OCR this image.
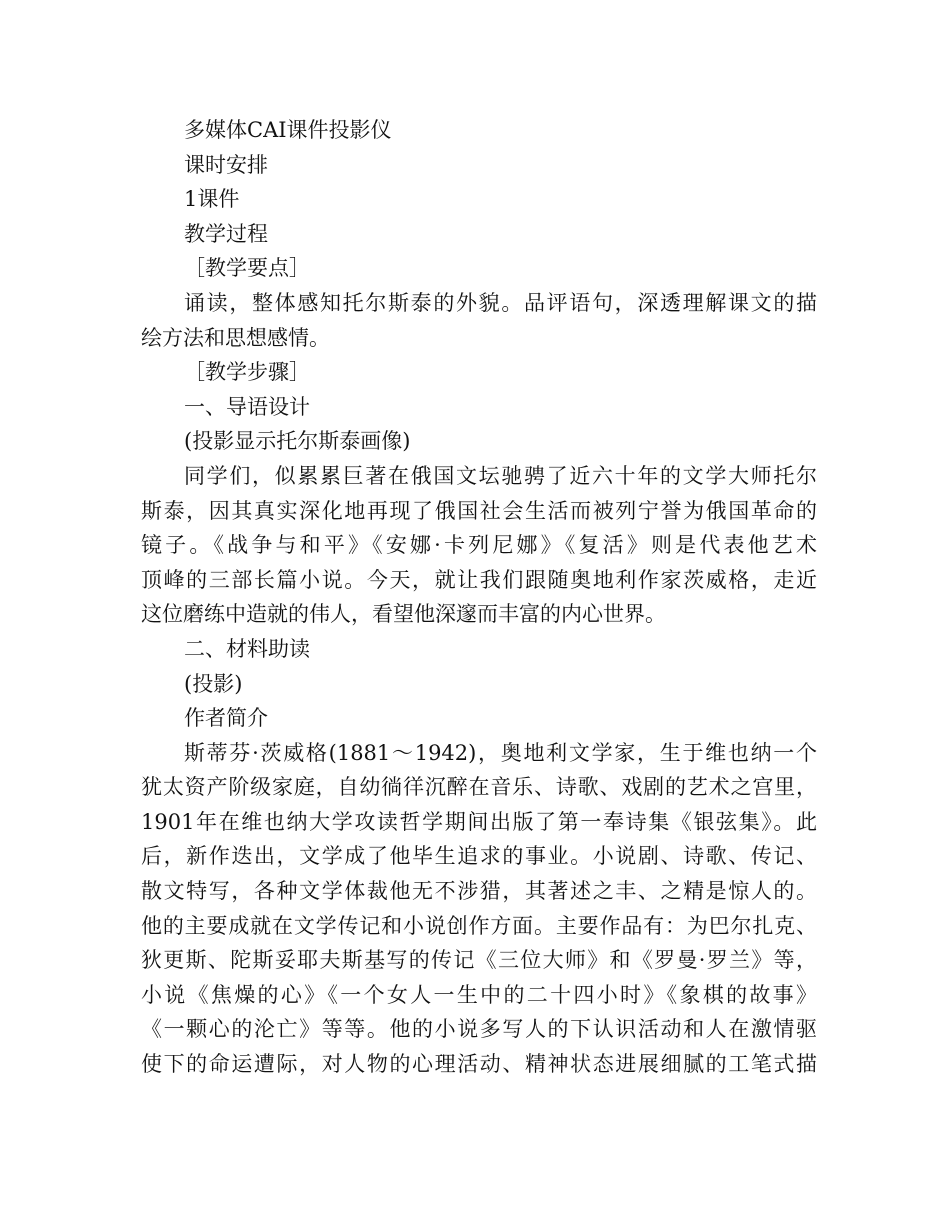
多媒体CAI课件投影仪
课时安排
1课件
教学过程
［教学要点］
诵读，整体感知托尔斯泰的外貌。品评语句，深透理解课文的描
绘方法和思想感情。
［教学步骤］
一、导语设计
(投影显示托尔斯泰画像)
同学们，似累累巨著在俄国文坛驰骋了近六十年的文学大师托尔
斯泰，因其真实深化地再现了俄国社会生活而被列宁誉为俄国革命的
镜子。《战争与和平》《安娜·卡列尼娜》《复活》则是代表他艺术
顶峰的三部长篇小说。今天，就让我们跟随奥地利作家茨威格，走近
这位磨练中造就的伟人，看望他深邃而丰富的内心世界。
二、材料助读
(投影)
作者简介
斯蒂芬·茨威格(1881～1942)，奥地利文学家，生于维也纳一个
犹太资产阶级家庭，自幼徜徉沉醉在音乐、诗歌、戏剧的艺术之宫里，
1901年在维也纳大学攻读哲学期间出版了第一奉诗集《银弦集》。此
后，新作迭出，文学成了他毕生追求的事业。小说剧、诗歌、传记、
散文特写，各种文学体裁他无不涉猎，其著述之丰、之精是惊人的。
他的主要成就在文学传记和小说创作方面。主要作品有：为巴尔扎克、
狄更斯、陀斯妥耶夫斯基写的传记《三位大师》和《罗曼·罗兰》等，
小说《焦燥的心》《一个女人一生中的二十四小时》《象棋的故事》
《一颗心的沦亡》等等。他的小说多写人的下认识活动和人在激情驱
使下的命运遭际，对人物的心理活动、精神状态进展细腻的工笔式描
